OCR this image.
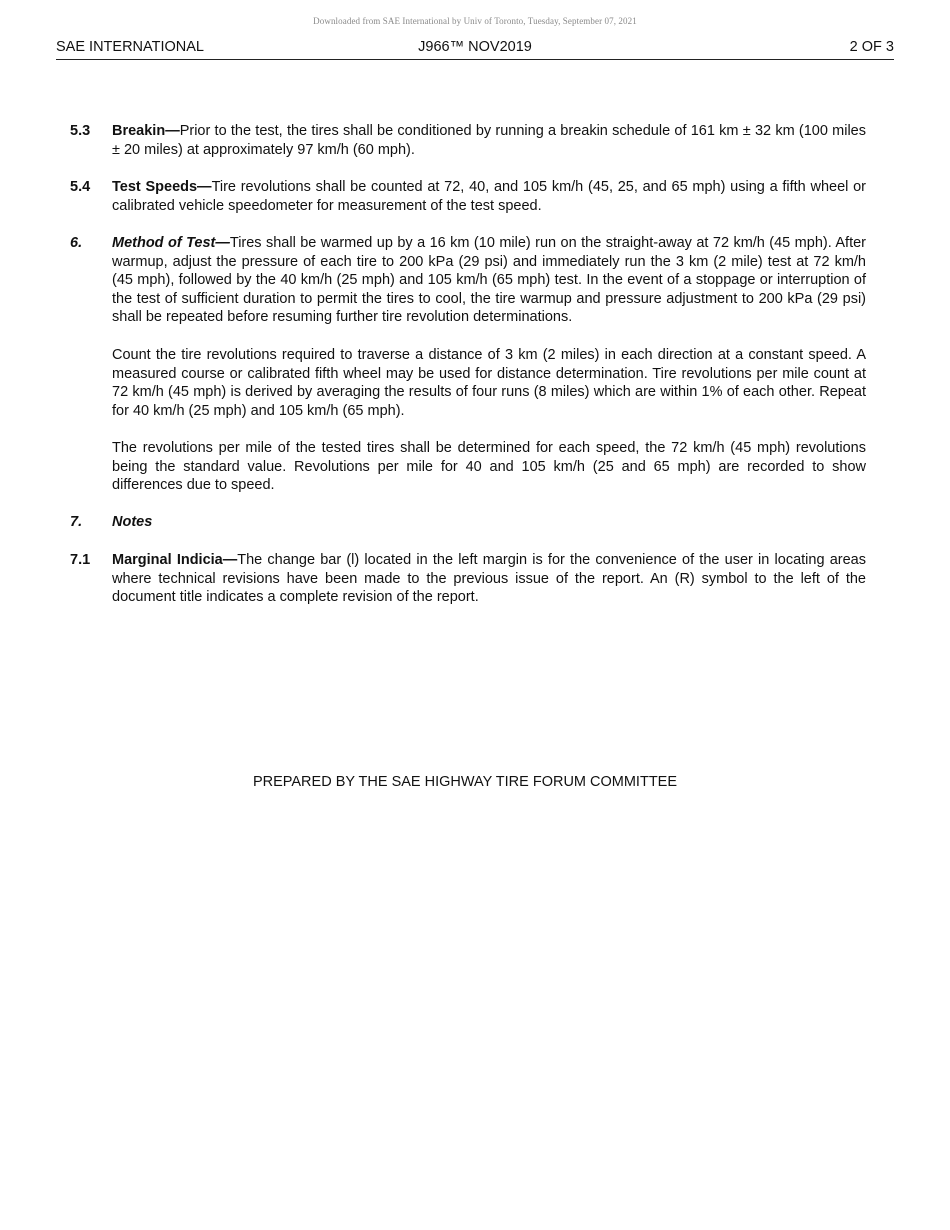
Downloaded from SAE International by Univ of Toronto, Tuesday, September 07, 2021
SAE INTERNATIONAL	J966™ NOV2019	2 OF 3
5.3	Breakin—Prior to the test, the tires shall be conditioned by running a breakin schedule of 161 km ± 32 km (100 miles ± 20 miles) at approximately 97 km/h (60 mph).
5.4	Test Speeds—Tire revolutions shall be counted at 72, 40, and 105 km/h (45, 25, and 65 mph) using a fifth wheel or calibrated vehicle speedometer for measurement of the test speed.
6.	Method of Test—Tires shall be warmed up by a 16 km (10 mile) run on the straight-away at 72 km/h (45 mph). After warmup, adjust the pressure of each tire to 200 kPa (29 psi) and immediately run the 3 km (2 mile) test at 72 km/h (45 mph), followed by the 40 km/h (25 mph) and 105 km/h (65 mph) test. In the event of a stoppage or interruption of the test of sufficient duration to permit the tires to cool, the tire warmup and pressure adjustment to 200 kPa (29 psi) shall be repeated before resuming further tire revolution determinations.
Count the tire revolutions required to traverse a distance of 3 km (2 miles) in each direction at a constant speed. A measured course or calibrated fifth wheel may be used for distance determination. Tire revolutions per mile count at 72 km/h (45 mph) is derived by averaging the results of four runs (8 miles) which are within 1% of each other. Repeat for 40 km/h (25 mph) and 105 km/h (65 mph).
The revolutions per mile of the tested tires shall be determined for each speed, the 72 km/h (45 mph) revolutions being the standard value. Revolutions per mile for 40 and 105 km/h (25 and 65 mph) are recorded to show differences due to speed.
7.	Notes
7.1	Marginal Indicia—The change bar (l) located in the left margin is for the convenience of the user in locating areas where technical revisions have been made to the previous issue of the report. An (R) symbol to the left of the document title indicates a complete revision of the report.
PREPARED BY THE SAE HIGHWAY TIRE FORUM COMMITTEE
